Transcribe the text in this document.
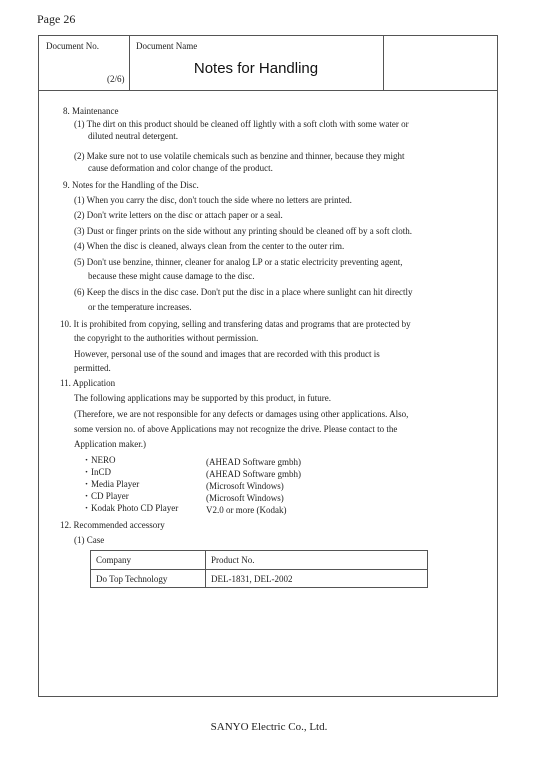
Page 26
Document No.
(2/6)
Document Name
Notes for Handling
8. Maintenance
(1) The dirt on this product should be cleaned off lightly with a soft cloth with some water or
diluted neutral detergent.
(2) Make sure not to use volatile chemicals such as benzine and thinner, because they might
cause deformation and color change of the product.
9. Notes for the Handling of the Disc.
(1) When you carry the disc, don't touch the side where no letters are printed.
(2) Don't write letters on the disc or attach paper or a seal.
(3) Dust or finger prints on the side without any printing should be cleaned off by a soft cloth.
(4) When the disc is cleaned, always clean from the center to the outer rim.
(5) Don't use benzine, thinner, cleaner for analog LP or a static electricity preventing agent,
because these might cause damage to the disc.
(6) Keep the discs in the disc case. Don't put the disc in a place where sunlight can hit directly
or the temperature increases.
10. It is prohibited from copying, selling and transfering datas and programs that are protected by
the copyright to the authorities without permission.
However, personal use of the sound and images that are recorded with this product is
permitted.
11. Application
The following applications may be supported by this product, in future.
(Therefore, we are not responsible for any defects or damages using other applications. Also,
some version no. of above Applications may not recognize the drive. Please contact to the
Application maker.)
・NERO	(AHEAD Software gmbh)
・InCD	(AHEAD Software gmbh)
・Media Player	(Microsoft Windows)
・CD Player	(Microsoft Windows)
・Kodak Photo CD Player	V2.0 or more (Kodak)
12. Recommended accessory
(1) Case
Company	Product No.
Do Top Technology	DEL-1831, DEL-2002
SANYO Electric Co., Ltd.
